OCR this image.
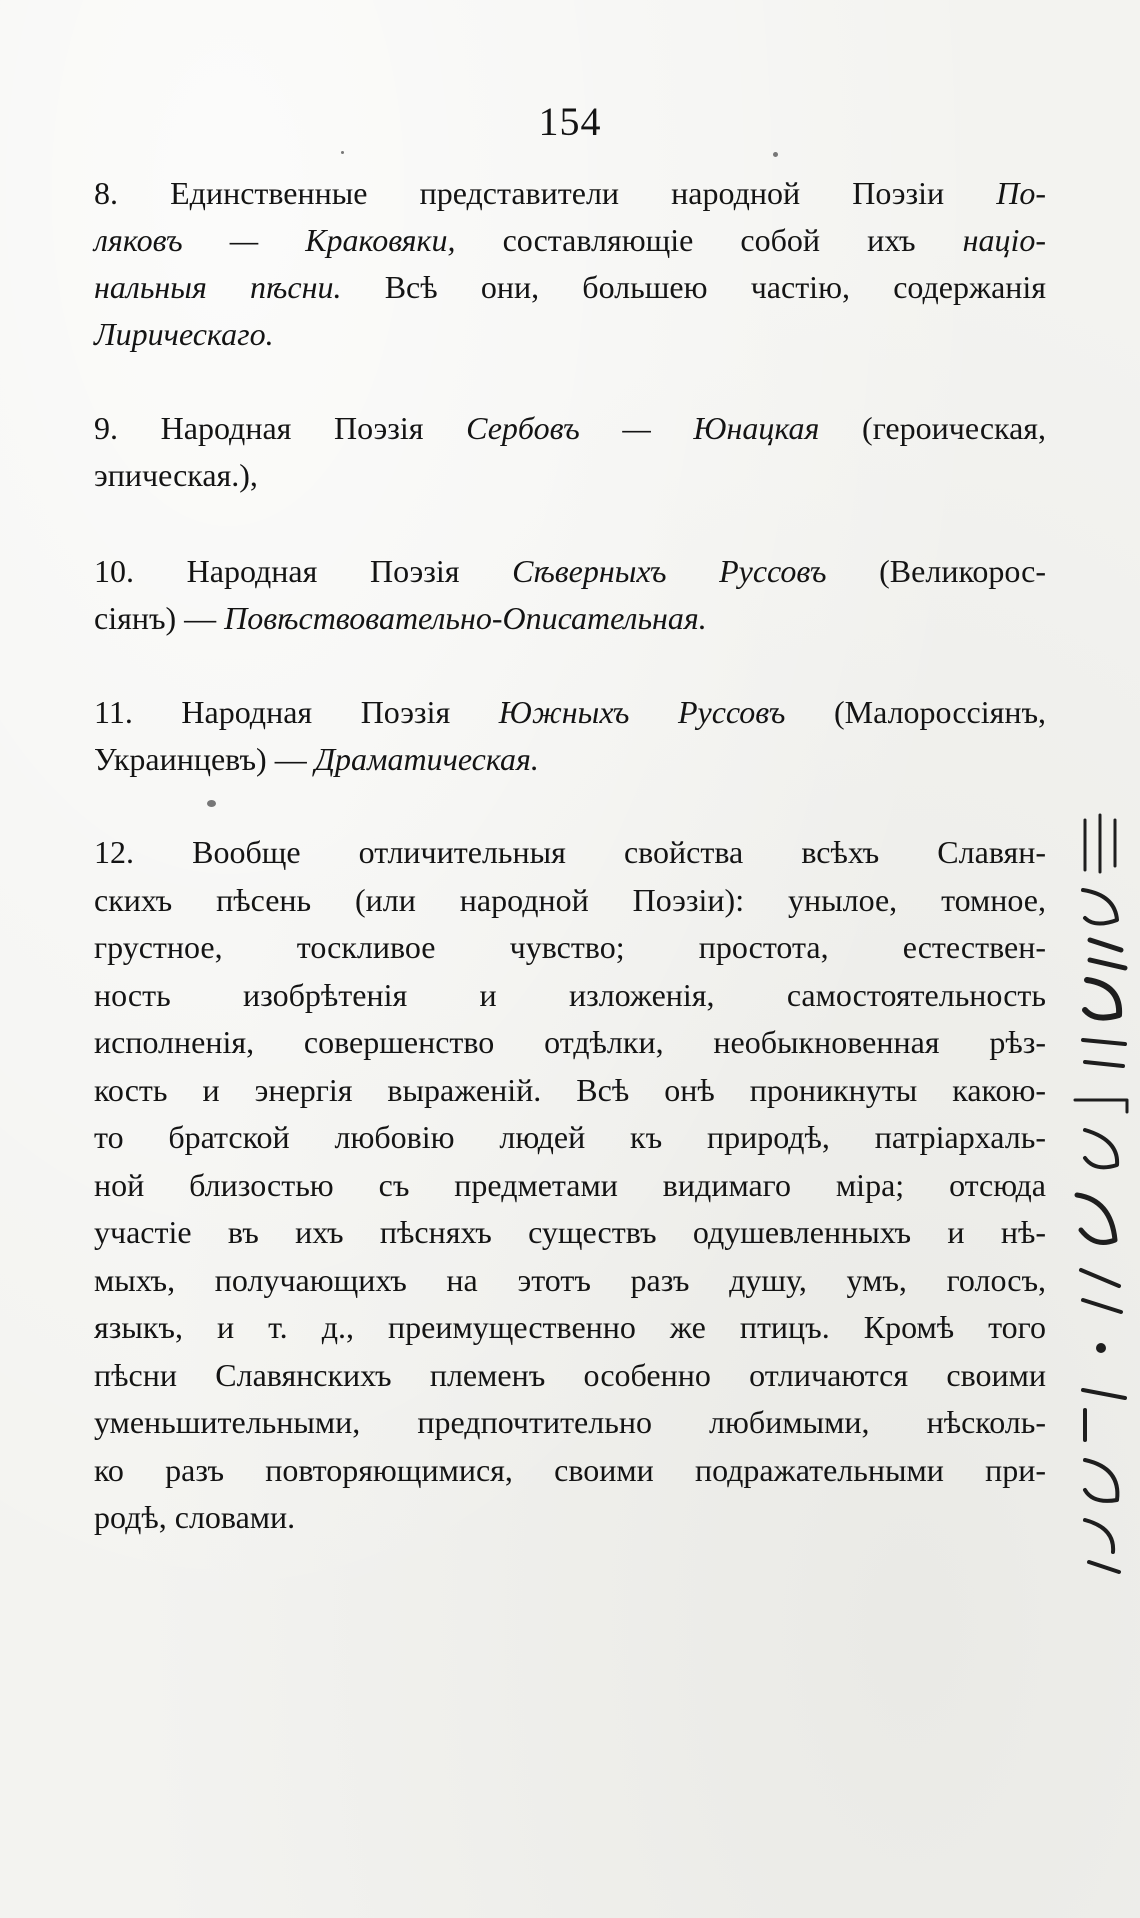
154
8. Единственные представители народной Поэзіи По-
ляковъ — Краковяки, составляющіе собой ихъ націо-
нальныя пѣсни. Всѣ они, большею частію, содержанія
Лирическаго.
9. Народная Поэзія Сербовъ — Юнацкая (героическая,
эпическая.),
10. Народная Поэзія Сѣверныхъ Руссовъ (Великорос-
сіянъ) — Повѣствовательно-Описательная.
11. Народная Поэзія Южныхъ Руссовъ (Малороссіянъ,
Украинцевъ) — Драматическая.
12. Вообще отличительныя свойства всѣхъ Славян-
скихъ пѣсень (или народной Поэзіи): унылое, томное,
грустное, тоскливое чувство; простота, естествен-
ность изобрѣтенія и изложенія, самостоятельность
исполненія, совершенство отдѣлки, необыкновенная рѣз-
кость и энергія выраженій. Всѣ онѣ проникнуты какою-
то братской любовію людей къ природѣ, патріархаль-
ной близостью съ предметами видимаго міра; отсюда
участіе въ ихъ пѣсняхъ существъ одушевленныхъ и нѣ-
мыхъ, получающихъ на этотъ разъ душу, умъ, голосъ,
языкъ, и т. д., преимущественно же птицъ. Кромѣ того
пѣсни Славянскихъ племенъ особенно отличаются своими
уменьшительными, предпочтительно любимыми, нѣсколь-
ко разъ повторяющимися, своими подражательными при-
родѣ, словами.
